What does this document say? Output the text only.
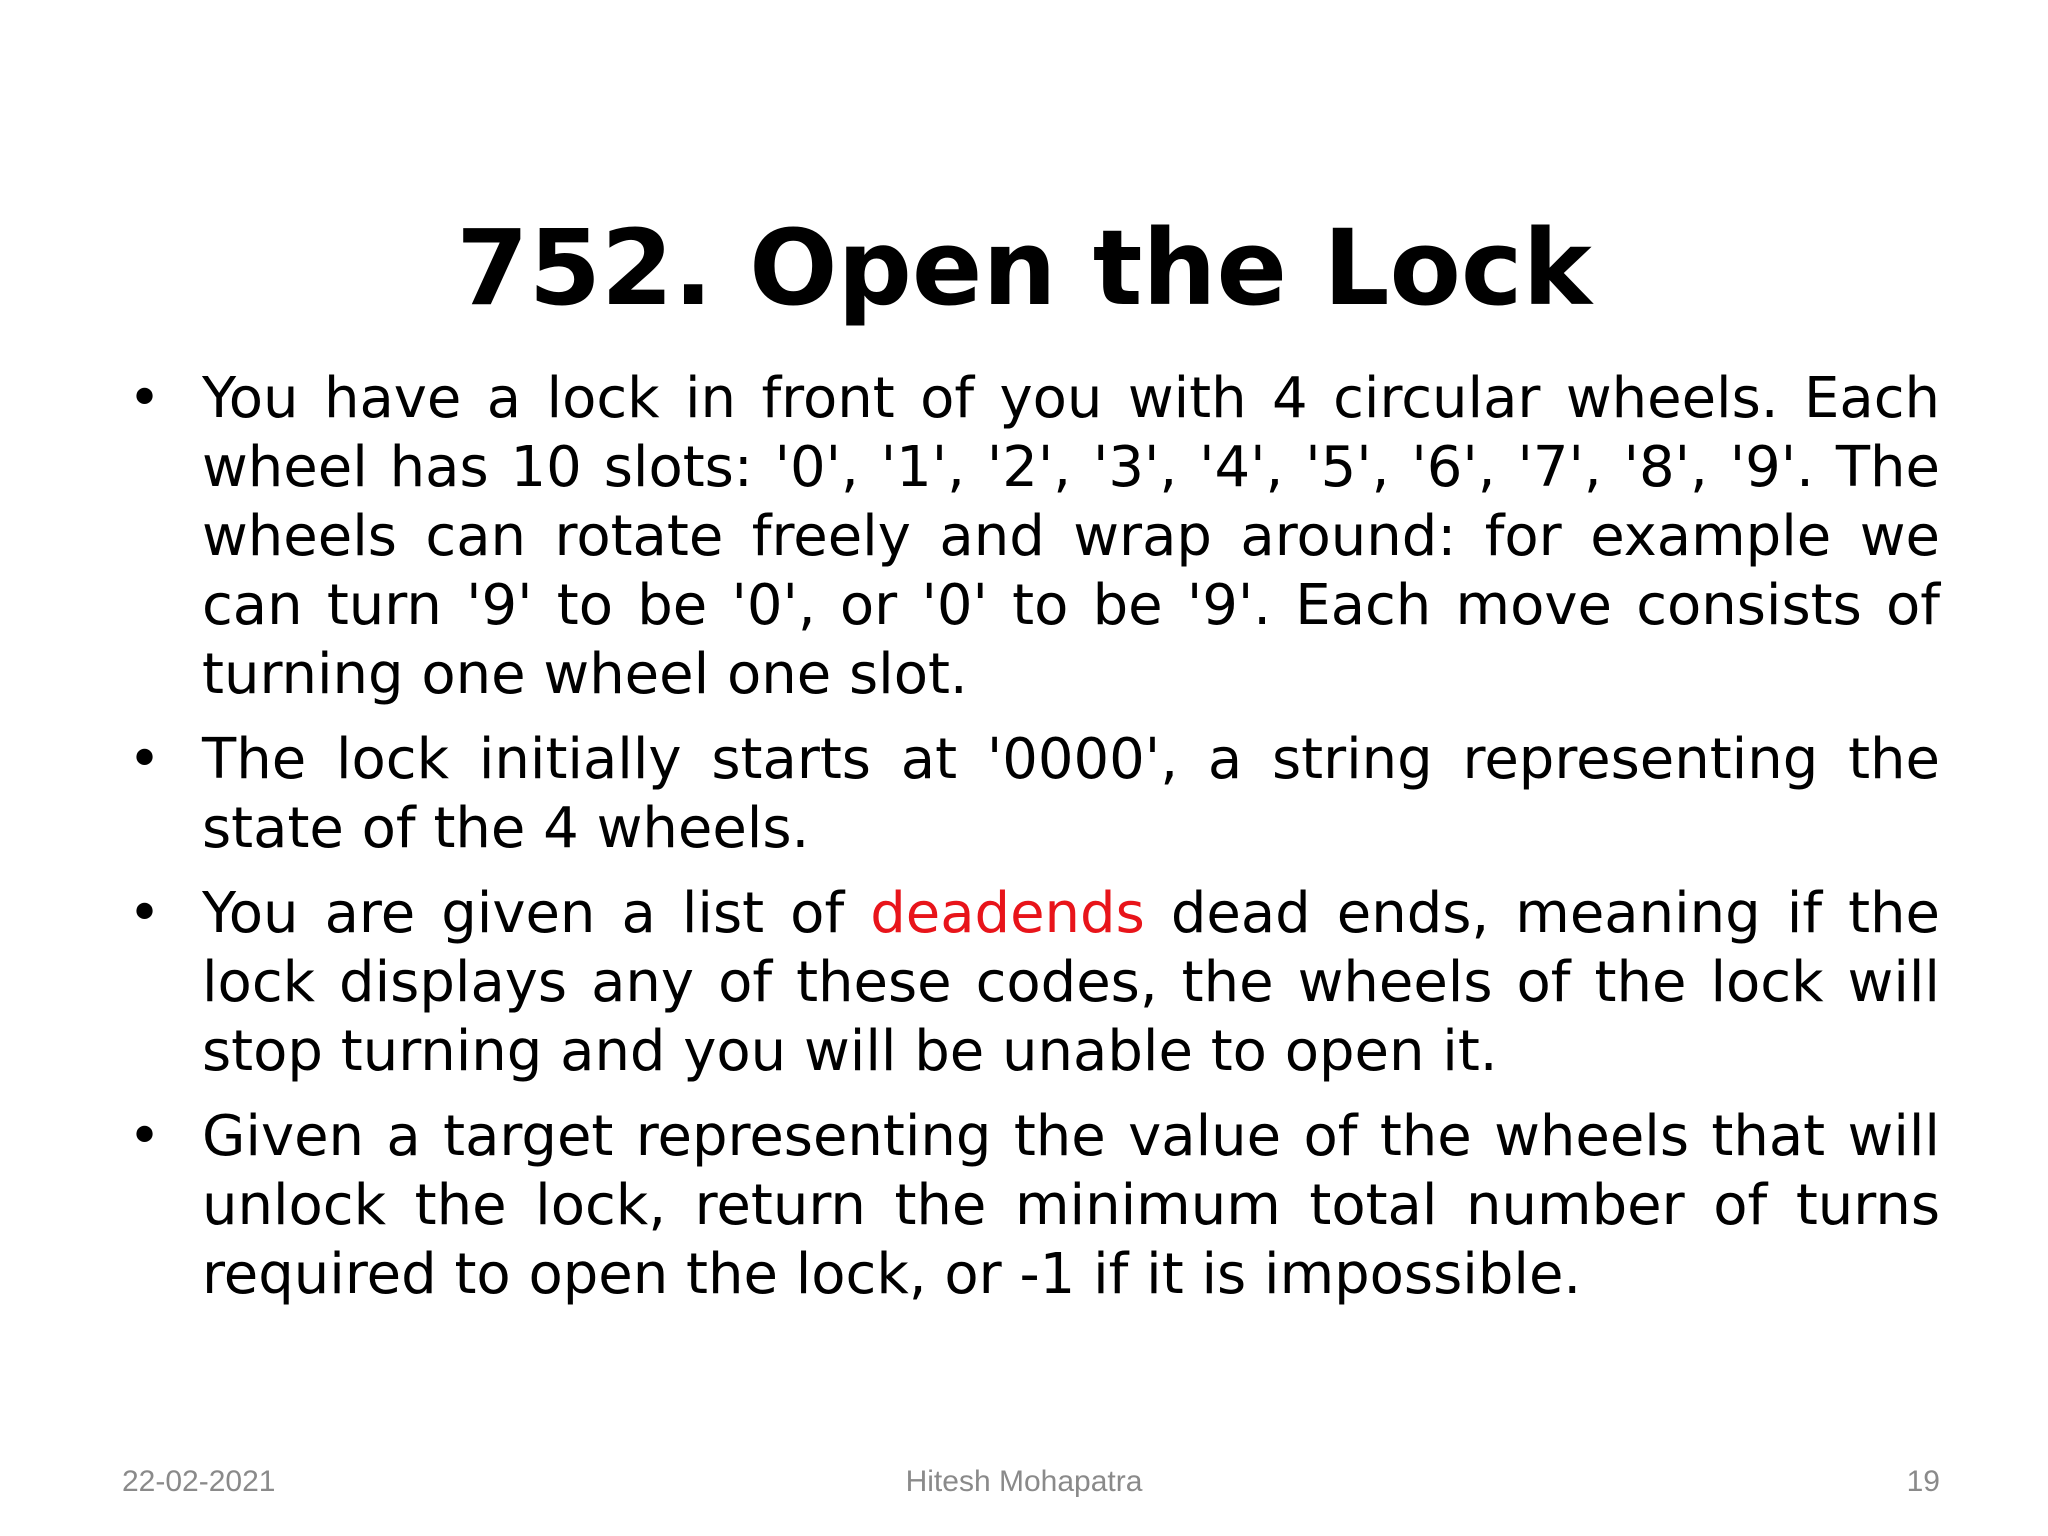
752. Open the Lock
• You have a lock in front of you with 4 circular wheels. Each wheel has 10 slots: '0', '1', '2', '3', '4', '5', '6', '7', '8', '9'. The wheels can rotate freely and wrap around: for example we can turn '9' to be '0', or '0' to be '9'. Each move consists of turning one wheel one slot.
• The lock initially starts at '0000', a string representing the state of the 4 wheels.
• You are given a list of deadends dead ends, meaning if the lock displays any of these codes, the wheels of the lock will stop turning and you will be unable to open it.
• Given a target representing the value of the wheels that will unlock the lock, return the minimum total number of turns required to open the lock, or -1 if it is impossible.
Hitesh Mohapatra
22-02-2021	19
